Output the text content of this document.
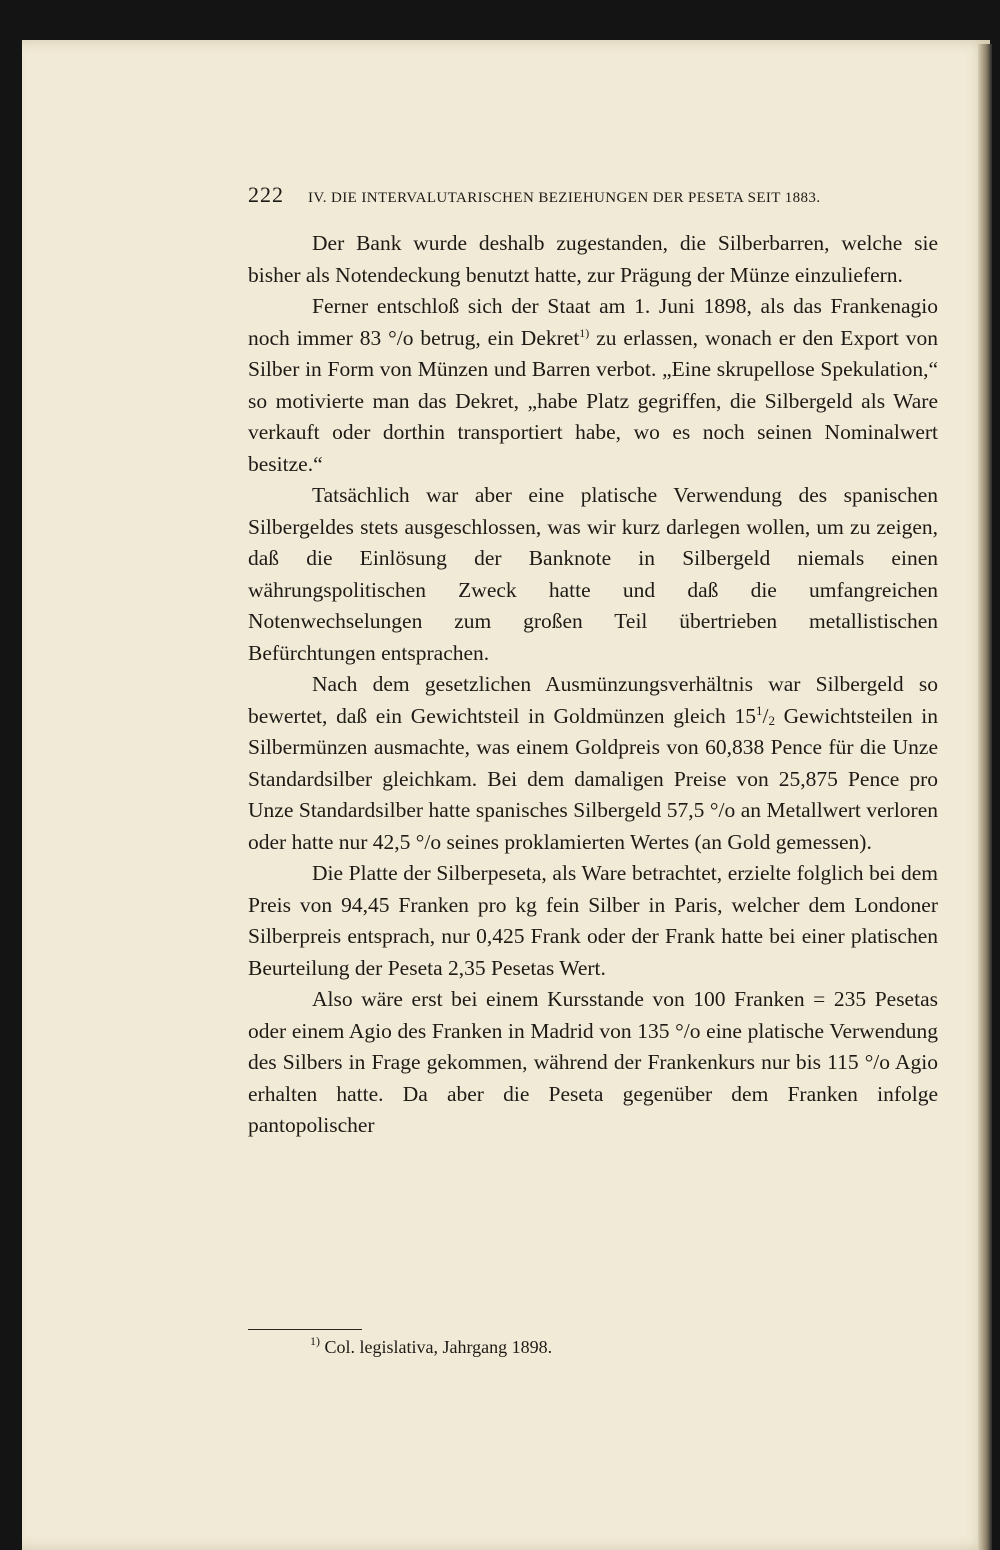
222 IV. DIE INTERVALUTARISCHEN BEZIEHUNGEN DER PESETA SEIT 1883.

Der Bank wurde deshalb zugestanden, die Silberbarren, welche sie bisher als Notendeckung benutzt hatte, zur Prägung der Münze einzuliefern.

Ferner entschloß sich der Staat am 1. Juni 1898, als das Frankenagio noch immer 83 °/o betrug, ein Dekret$^{1)}$ zu erlassen, wonach er den Export von Silber in Form von Münzen und Barren verbot. „Eine skrupellose Spekulation,“ so motivierte man das Dekret, „habe Platz gegriffen, die Silbergeld als Ware verkauft oder dorthin transportiert habe, wo es noch seinen Nominalwert besitze.“

Tatsächlich war aber eine platische Verwendung des spanischen Silbergeldes stets ausgeschlossen, was wir kurz darlegen wollen, um zu zeigen, daß die Einlösung der Banknote in Silbergeld niemals einen währungspolitischen Zweck hatte und daß die umfangreichen Notenwechselungen zum großen Teil übertrieben metallistischen Befürchtungen entsprachen.

Nach dem gesetzlichen Ausmünzungsverhältnis war Silbergeld so bewertet, daß ein Gewichtsteil in Goldmünzen gleich $15^1/_2$ Gewichtsteilen in Silbermünzen ausmachte, was einem Goldpreis von 60,838 Pence für die Unze Standardsilber gleichkam. Bei dem damaligen Preise von 25,875 Pence pro Unze Standardsilber hatte spanisches Silbergeld 57,5 °/o an Metallwert verloren oder hatte nur 42,5 °/o seines proklamierten Wertes (an Gold gemessen).

Die Platte der Silberpeseta, als Ware betrachtet, erzielte folglich bei dem Preis von 94,45 Franken pro kg fein Silber in Paris, welcher dem Londoner Silberpreis entsprach, nur 0,425 Frank oder der Frank hatte bei einer platischen Beurteilung der Peseta 2,35 Pesetas Wert.

Also wäre erst bei einem Kursstande von 100 Franken = 235 Pesetas oder einem Agio des Franken in Madrid von 135 °/o eine platische Verwendung des Silbers in Frage gekommen, während der Frankenkurs nur bis 115 °/o Agio erhalten hatte. Da aber die Peseta gegenüber dem Franken infolge pantopolischer

$^{1)}$ Col. legislativa, Jahrgang 1898.
